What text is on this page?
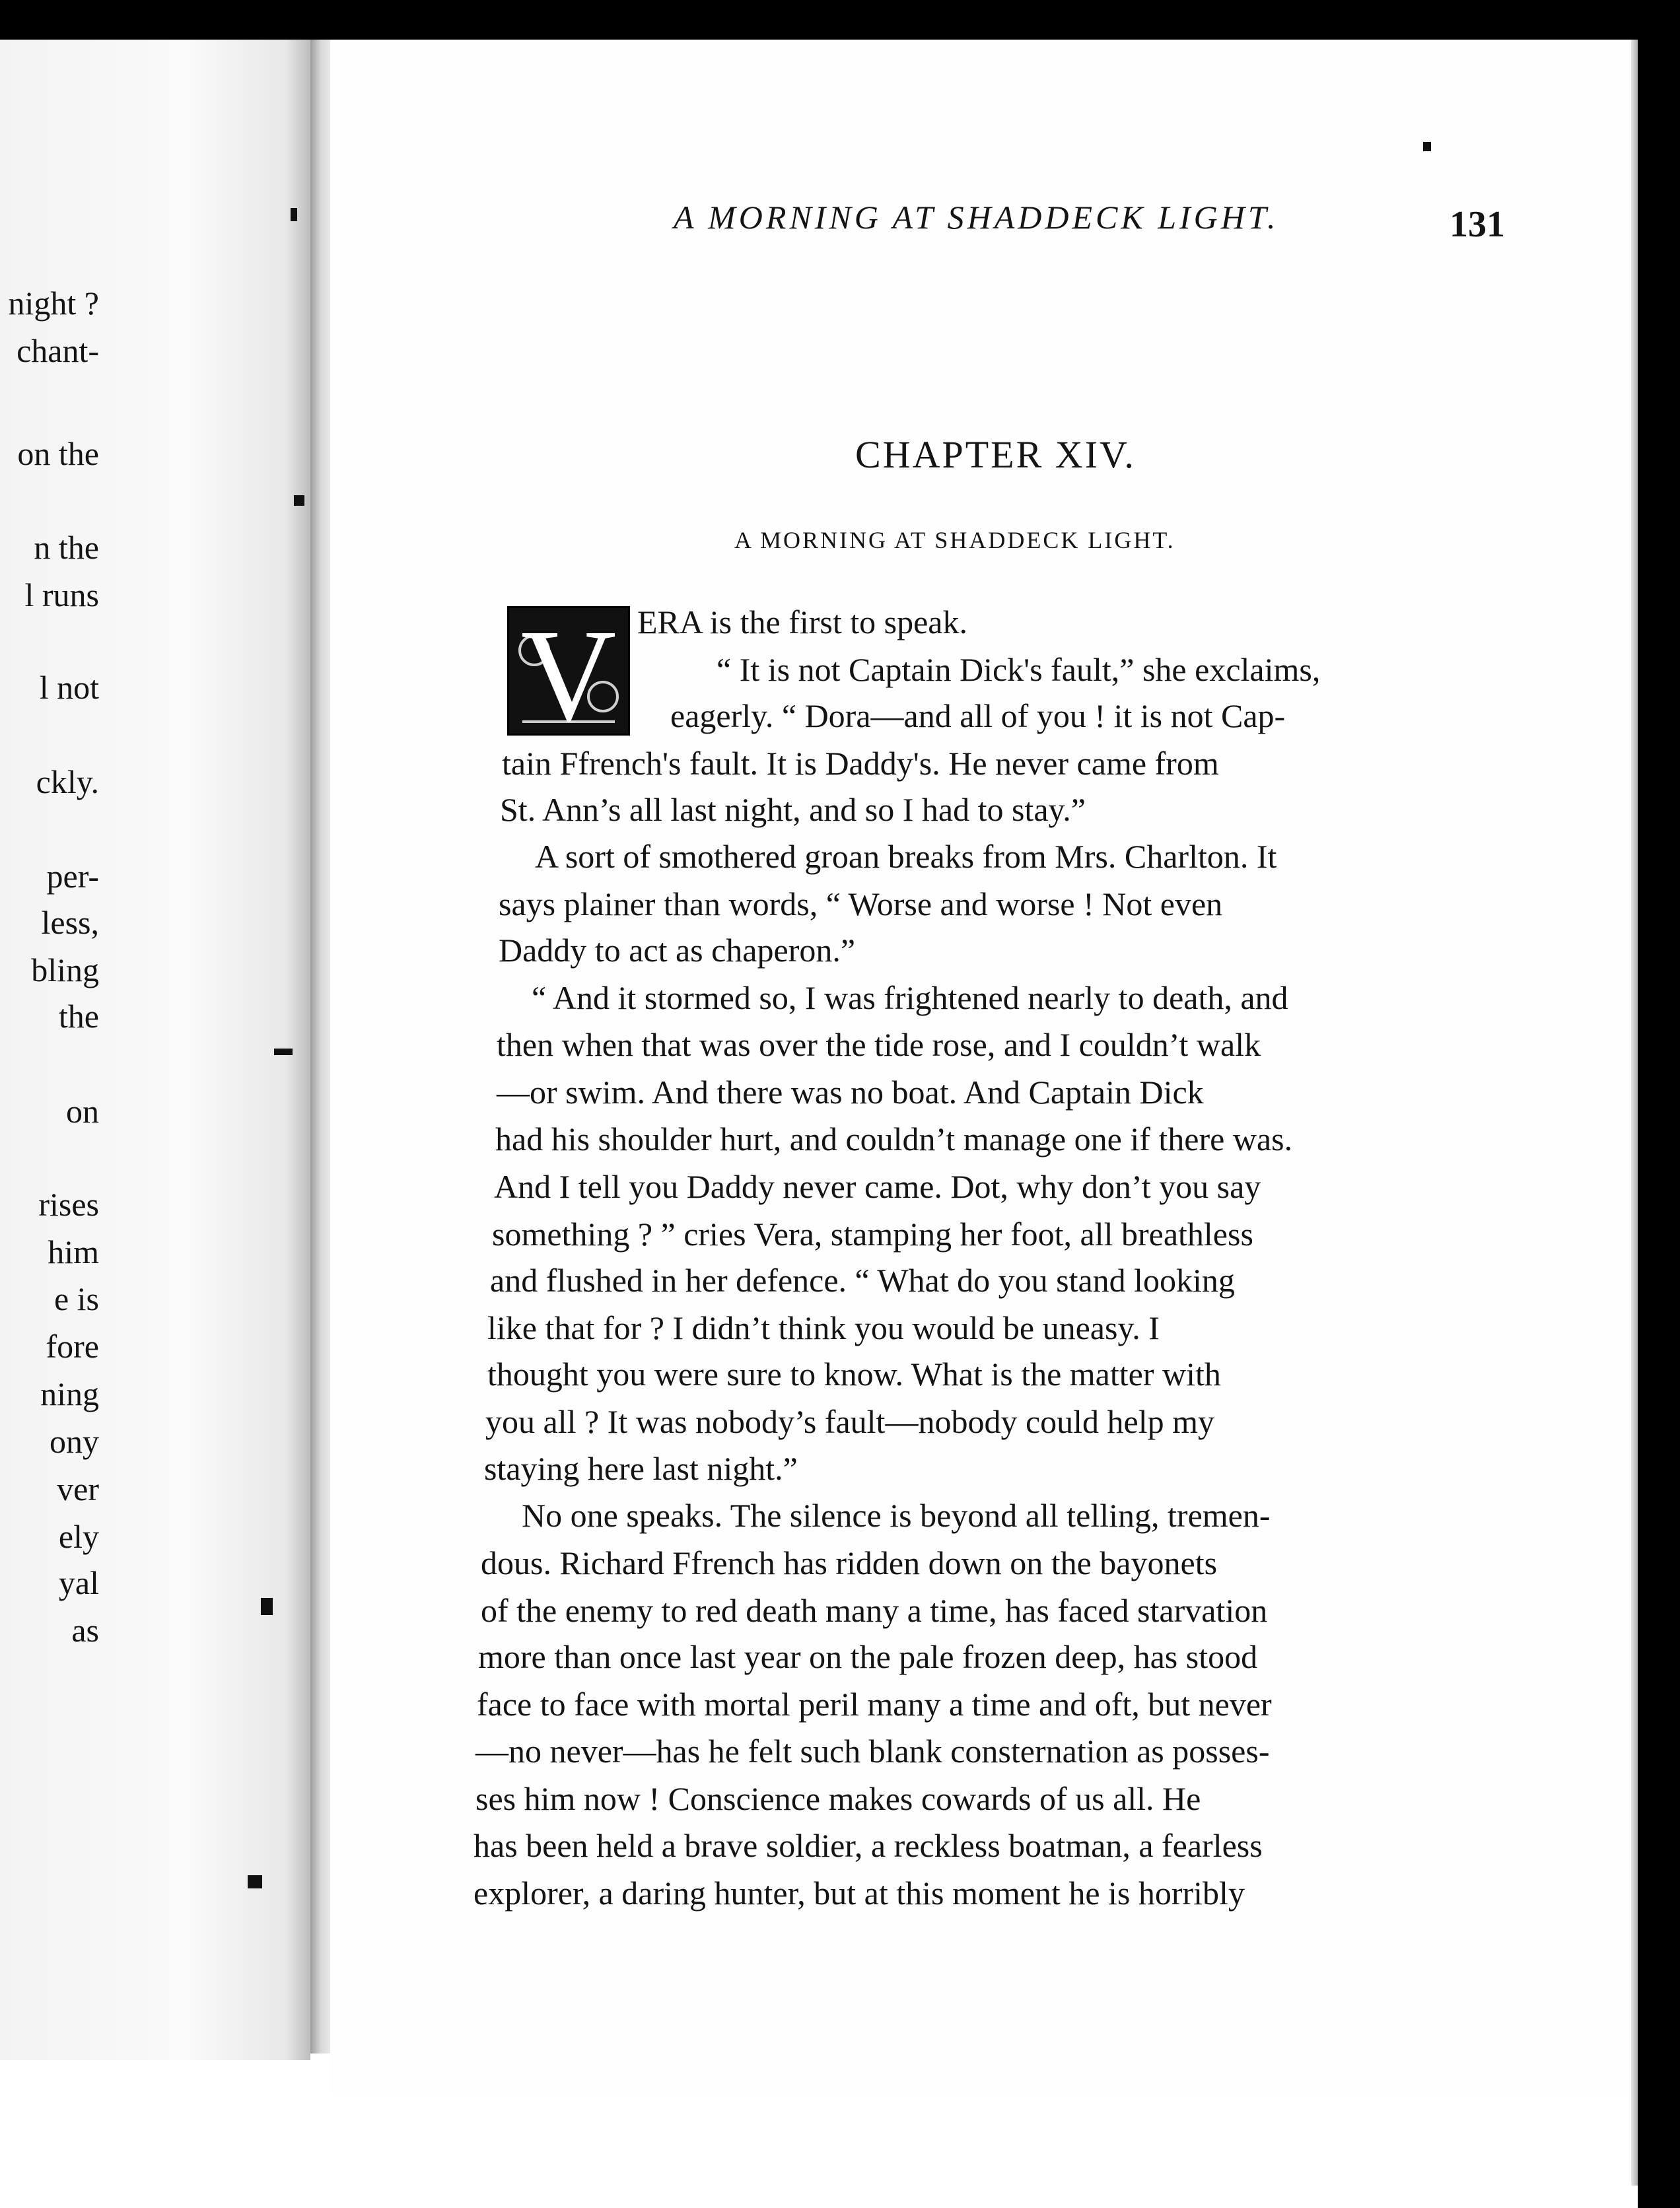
night ?
chant-
on the
n the
l runs
l not
ckly.
per-
less,
bling
the
on
rises
him
e is
fore
ning
ony
ver
ely
yal
as
A MORNING AT SHADDECK LIGHT.	131
CHAPTER XIV.
A MORNING AT SHADDECK LIGHT.
V ERA is the first to speak.
“ It is not Captain Dick's fault,” she exclaims,
eagerly. “ Dora—and all of you ! it is not Cap-
tain Ffrench's fault. It is Daddy's. He never came from
St. Ann’s all last night, and so I had to stay.”
A sort of smothered groan breaks from Mrs. Charlton. It
says plainer than words, “ Worse and worse ! Not even
Daddy to act as chaperon.”
“ And it stormed so, I was frightened nearly to death, and
then when that was over the tide rose, and I couldn’t walk
—or swim. And there was no boat. And Captain Dick
had his shoulder hurt, and couldn’t manage one if there was.
And I tell you Daddy never came. Dot, why don’t you say
something ? ” cries Vera, stamping her foot, all breathless
and flushed in her defence. “ What do you stand looking
like that for ? I didn’t think you would be uneasy. I
thought you were sure to know. What is the matter with
you all ? It was nobody’s fault—nobody could help my
staying here last night.”
No one speaks. The silence is beyond all telling, tremen-
dous. Richard Ffrench has ridden down on the bayonets
of the enemy to red death many a time, has faced starvation
more than once last year on the pale frozen deep, has stood
face to face with mortal peril many a time and oft, but never
—no never—has he felt such blank consternation as posses-
ses him now ! Conscience makes cowards of us all. He
has been held a brave soldier, a reckless boatman, a fearless
explorer, a daring hunter, but at this moment he is horribly
